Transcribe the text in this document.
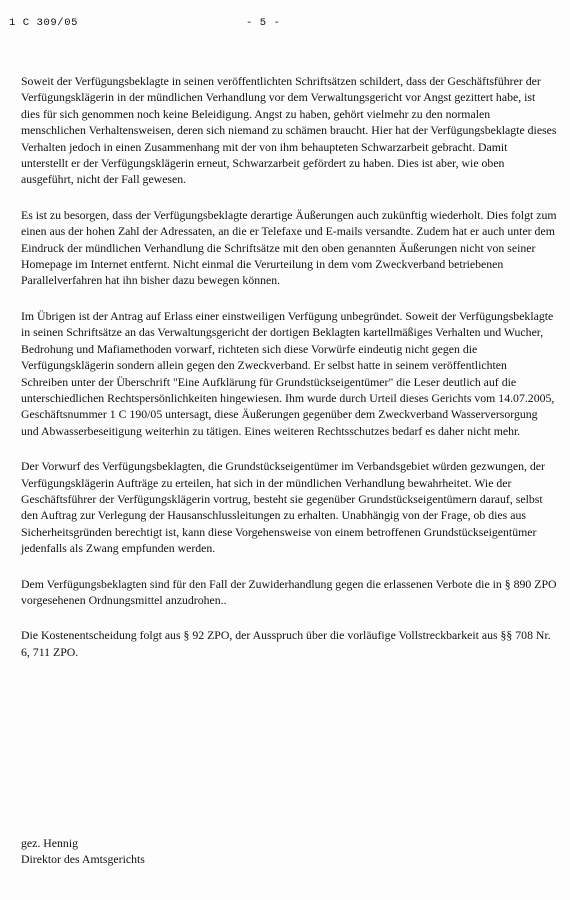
1 C 309/05	- 5 -

Soweit der Verfügungsbeklagte in seinen veröffentlichten Schriftsätzen schildert, dass der Geschäftsführer der Verfügungsklägerin in der mündlichen Verhandlung vor dem Verwaltungsgericht vor Angst gezittert habe, ist dies für sich genommen noch keine Beleidigung. Angst zu haben, gehört vielmehr zu den normalen menschlichen Verhaltensweisen, deren sich niemand zu schämen braucht. Hier hat der Verfügungsbeklagte dieses Verhalten jedoch in einen Zusammenhang mit der von ihm behaupteten Schwarzarbeit gebracht. Damit unterstellt er der Verfügungsklägerin erneut, Schwarzarbeit gefördert zu haben. Dies ist aber, wie oben ausgeführt, nicht der Fall gewesen.

Es ist zu besorgen, dass der Verfügungsbeklagte derartige Äußerungen auch zukünftig wiederholt. Dies folgt zum einen aus der hohen Zahl der Adressaten, an die er Telefaxe und E-mails versandte. Zudem hat er auch unter dem Eindruck der mündlichen Verhandlung die Schriftsätze mit den oben genannten Äußerungen nicht von seiner Homepage im Internet entfernt. Nicht einmal die Verurteilung in dem vom Zweckverband betriebenen Parallelverfahren hat ihn bisher dazu bewegen können.

Im Übrigen ist der Antrag auf Erlass einer einstweiligen Verfügung unbegründet. Soweit der Verfügungsbeklagte in seinen Schriftsätze an das Verwaltungsgericht der dortigen Beklagten kartellmäßiges Verhalten und Wucher, Bedrohung und Mafiamethoden vorwarf, richteten sich diese Vorwürfe eindeutig nicht gegen die Verfügungsklägerin sondern allein gegen den Zweckverband. Er selbst hatte in seinem veröffentlichten Schreiben unter der Überschrift "Eine Aufklärung für Grundstückseigentümer" die Leser deutlich auf die unterschiedlichen Rechtspersönlichkeiten hingewiesen. Ihm wurde durch Urteil dieses Gerichts vom 14.07.2005, Geschäftsnummer 1 C 190/05 untersagt, diese Äußerungen gegenüber dem Zweckverband Wasserversorgung und Abwasserbeseitigung weiterhin zu tätigen. Eines weiteren Rechtsschutzes bedarf es daher nicht mehr.

Der Vorwurf des Verfügungsbeklagten, die Grundstückseigentümer im Verbandsgebiet würden gezwungen, der Verfügungsklägerin Aufträge zu erteilen, hat sich in der mündlichen Verhandlung bewahrheitet. Wie der Geschäftsführer der Verfügungsklägerin vortrug, besteht sie gegenüber Grundstückseigentümern darauf, selbst den Auftrag zur Verlegung der Hausanschlussleitungen zu erhalten. Unabhängig von der Frage, ob dies aus Sicherheitsgründen berechtigt ist, kann diese Vorgehensweise von einem betroffenen Grundstückseigentümer jedenfalls als Zwang empfunden werden.

Dem Verfügungsbeklagten sind für den Fall der Zuwiderhandlung gegen die erlassenen Verbote die in § 890 ZPO vorgesehenen Ordnungsmittel anzudrohen..

Die Kostenentscheidung folgt aus § 92 ZPO, der Ausspruch über die vorläufige Vollstreckbarkeit aus §§ 708 Nr. 6, 711 ZPO.

gez. Hennig
Direktor des Amtsgerichts
